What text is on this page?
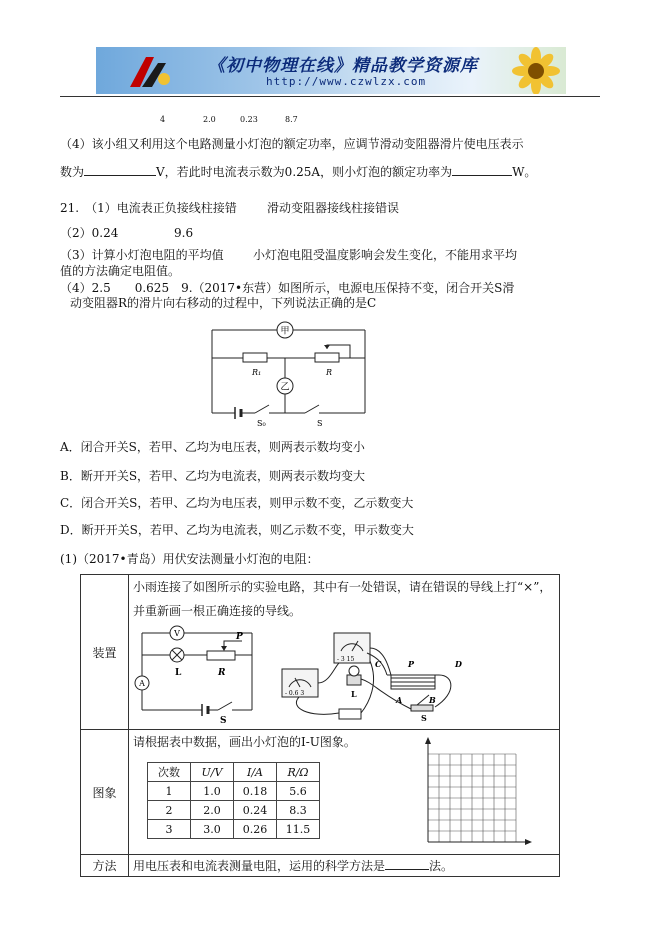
《初中物理在线》精品教学资源库
http://www.czwlzx.com
4	2.0	0.23	8.7
（4）该小组又利用这个电路测量小灯泡的额定功率，应调节滑动变阻器滑片使电压表示
数为	V，若此时电流表示数为0.25A，则小灯泡的额定功率为	W。
21.　（1）电流表正负接线柱接错	滑动变阻器接线柱接错误
（2）0.24	9.6
（3）计算小灯泡电阻的平均值 小灯泡电阻受温度影响会发生变化，不能用求平均
值的方法确定电阻值。
（4）2.5　　0.625　9.（2017•东营）如图所示，电源电压保持不变，闭合开关S滑
动变阻器R的滑片向右移动的过程中，下列说法正确的是C
甲
乙
R₁	R
S₀	S
A．闭合开关S，若甲、乙均为电压表，则两表示数均变小
B．断开开关S，若甲、乙均为电流表，则两表示数均变大
C．闭合开关S，若甲、乙均为电压表，则甲示数不变，乙示数变大
D．断开开关S，若甲、乙均为电流表，则乙示数不变，甲示数变大
(1)（2017•青岛）用伏安法测量小灯泡的电阻：
装置	
小雨连接了如图所示的实验电路，其中有一处错误，请在错误的导线上打“×”，
并重新画一根正确连接的导线。
V
A
L	R
P
S
C	P	D
A	B
L
S
- 0.6 3
- 3 15

图象	
请根据表中数据，画出小灯泡的I-U图象。
次数	U/V	I/A	R/Ω
1	1.0	0.18	5.6
2	2.0	0.24	8.3
3	3.0	0.26	11.5

方法	用电压表和电流表测量电阻，运用的科学方法是	法。
